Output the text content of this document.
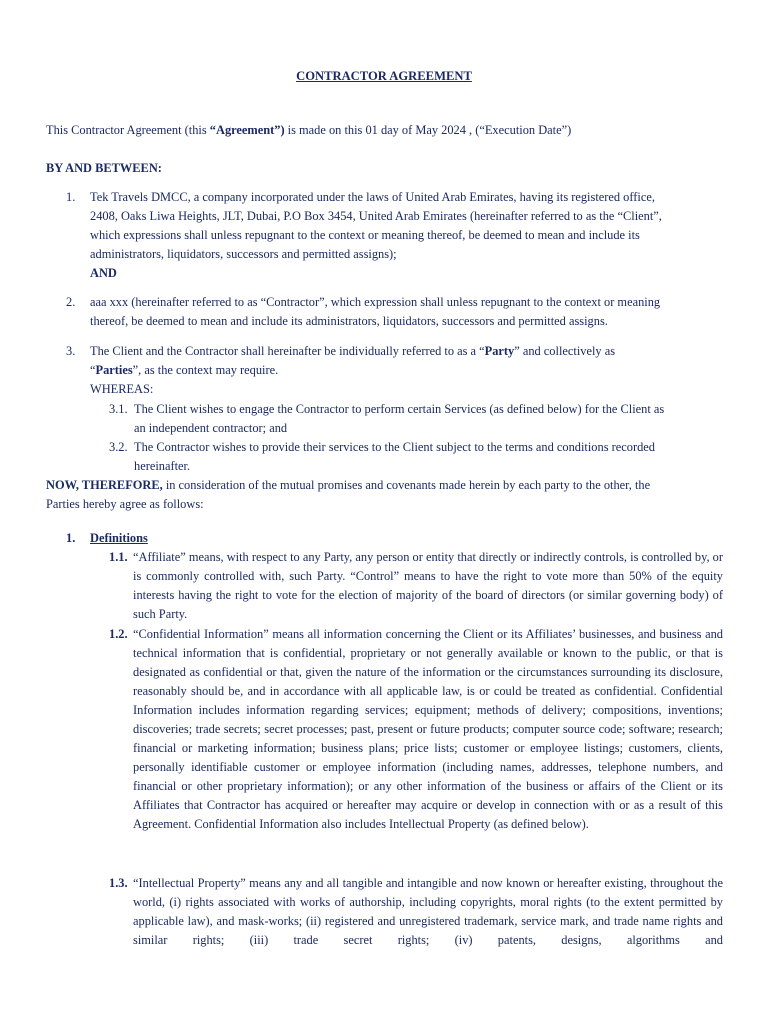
CONTRACTOR AGREEMENT
This Contractor Agreement (this “Agreement”) is made on this 01 day of May 2024 , (“Execution Date”)
BY AND BETWEEN:
1. Tek Travels DMCC, a company incorporated under the laws of United Arab Emirates, having its registered office,
2408, Oaks Liwa Heights, JLT, Dubai, P.O Box 3454, United Arab Emirates (hereinafter referred to as the “Client”,
which expressions shall unless repugnant to the context or meaning thereof, be deemed to mean and include its
administrators, liquidators, successors and permitted assigns);
AND
2. aaa xxx (hereinafter referred to as “Contractor”, which expression shall unless repugnant to the context or meaning
thereof, be deemed to mean and include its administrators, liquidators, successors and permitted assigns.
3. The Client and the Contractor shall hereinafter be individually referred to as a “Party” and collectively as
“Parties”, as the context may require.
WHEREAS:
3.1. The Client wishes to engage the Contractor to perform certain Services (as defined below) for the Client as
an independent contractor; and
3.2. The Contractor wishes to provide their services to the Client subject to the terms and conditions recorded
hereinafter.
NOW, THEREFORE, in consideration of the mutual promises and covenants made herein by each party to the other, the
Parties hereby agree as follows:
1. Definitions
1.1. “Affiliate” means, with respect to any Party, any person or entity that directly or indirectly controls, is controlled by, or is commonly controlled with, such Party. “Control” means to have the right to vote more than 50% of the equity interests having the right to vote for the election of majority of the board of directors (or similar governing body) of such Party.
1.2. “Confidential Information” means all information concerning the Client or its Affiliates’ businesses, and business and technical information that is confidential, proprietary or not generally available or known to the public, or that is designated as confidential or that, given the nature of the information or the circumstances surrounding its disclosure, reasonably should be, and in accordance with all applicable law, is or could be treated as confidential. Confidential Information includes information regarding services; equipment; methods of delivery; compositions, inventions; discoveries; trade secrets; secret processes; past, present or future products; computer source code; software; research; financial or marketing information; business plans; price lists; customer or employee listings; customers, clients, personally identifiable customer or employee information (including names, addresses, telephone numbers, and financial or other proprietary information); or any other information of the business or affairs of the Client or its Affiliates that Contractor has acquired or hereafter may acquire or develop in connection with or as a result of this Agreement. Confidential Information also includes Intellectual Property (as defined below).
1.3. “Intellectual Property” means any and all tangible and intangible and now known or hereafter existing, throughout the world, (i) rights associated with works of authorship, including copyrights, moral rights (to the extent permitted by applicable law), and mask-works; (ii) registered and unregistered trademark, service mark, and trade name rights and similar rights; (iii) trade secret rights; (iv) patents, designs, algorithms and
